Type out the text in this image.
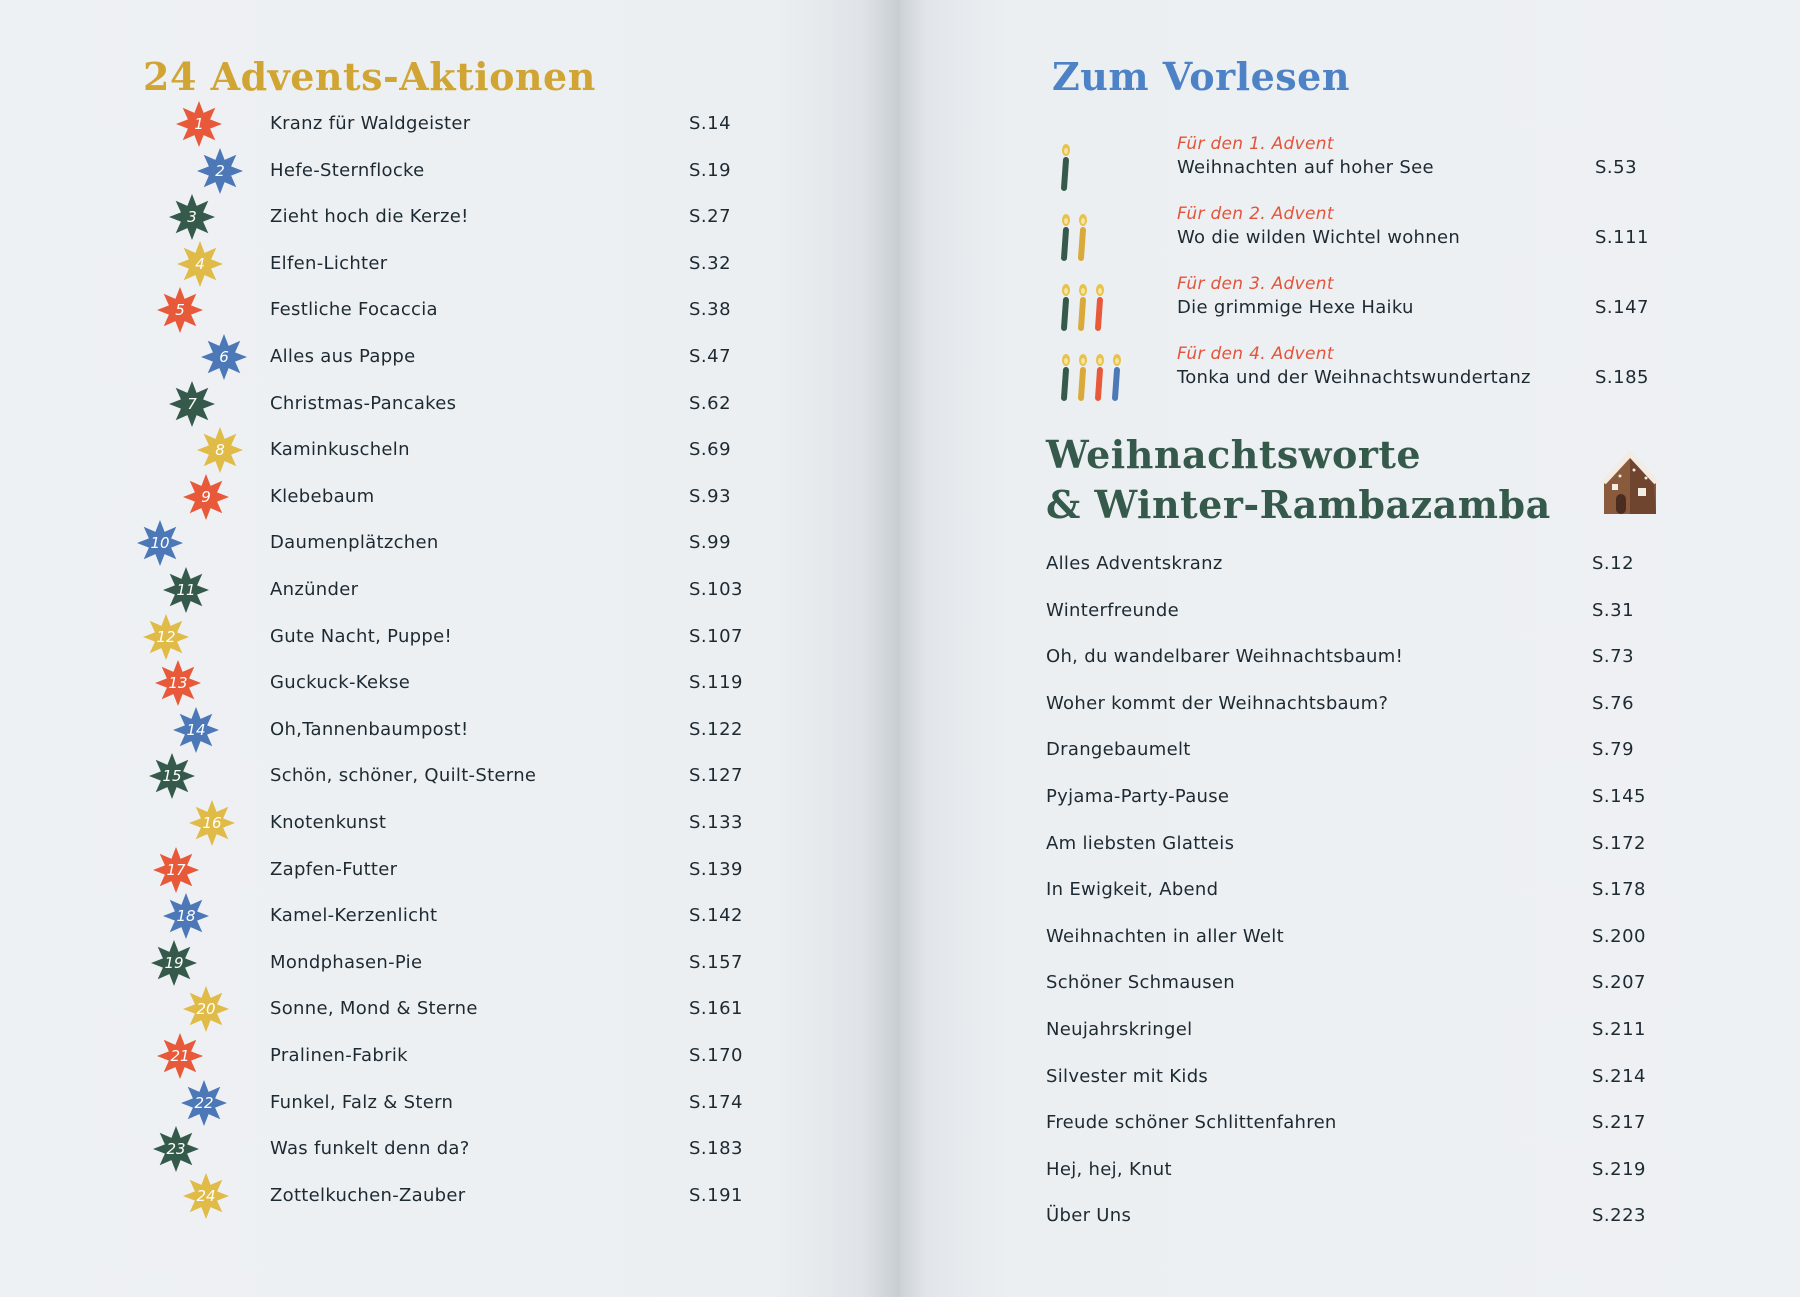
24 Advents-Aktionen
1	Kranz für Waldgeister	S.14
2	Hefe-Sternflocke	S.19
3	Zieht hoch die Kerze!	S.27
4	Elfen-Lichter	S.32
5	Festliche Focaccia	S.38
6	Alles aus Pappe	S.47
7	Christmas-Pancakes	S.62
8	Kaminkuscheln	S.69
9	Klebebaum	S.93
10	Daumenplätzchen	S.99
11	Anzünder	S.103
12	Gute Nacht, Puppe!	S.107
13	Guckuck-Kekse	S.119
14	Oh,Tannenbaumpost!	S.122
15	Schön, schöner, Quilt-Sterne	S.127
16	Knotenkunst	S.133
17	Zapfen-Futter	S.139
18	Kamel-Kerzenlicht	S.142
19	Mondphasen-Pie	S.157
20	Sonne, Mond & Sterne	S.161
21	Pralinen-Fabrik	S.170
22	Funkel, Falz & Stern	S.174
23	Was funkelt denn da?	S.183
24	Zottelkuchen-Zauber	S.191
Zum Vorlesen
Für den 1. Advent
Weihnachten auf hoher See	S.53
Für den 2. Advent
Wo die wilden Wichtel wohnen	S.111
Für den 3. Advent
Die grimmige Hexe Haiku	S.147
Für den 4. Advent
Tonka und der Weihnachtswundertanz	S.185
Weihnachtsworte
& Winter-Rambazamba
Alles Adventskranz	S.12
Winterfreunde	S.31
Oh, du wandelbarer Weihnachtsbaum!	S.73
Woher kommt der Weihnachtsbaum?	S.76
Drangebaumelt	S.79
Pyjama-Party-Pause	S.145
Am liebsten Glatteis	S.172
In Ewigkeit, Abend	S.178
Weihnachten in aller Welt	S.200
Schöner Schmausen	S.207
Neujahrskringel	S.211
Silvester mit Kids	S.214
Freude schöner Schlittenfahren	S.217
Hej, hej, Knut	S.219
Über Uns	S.223
